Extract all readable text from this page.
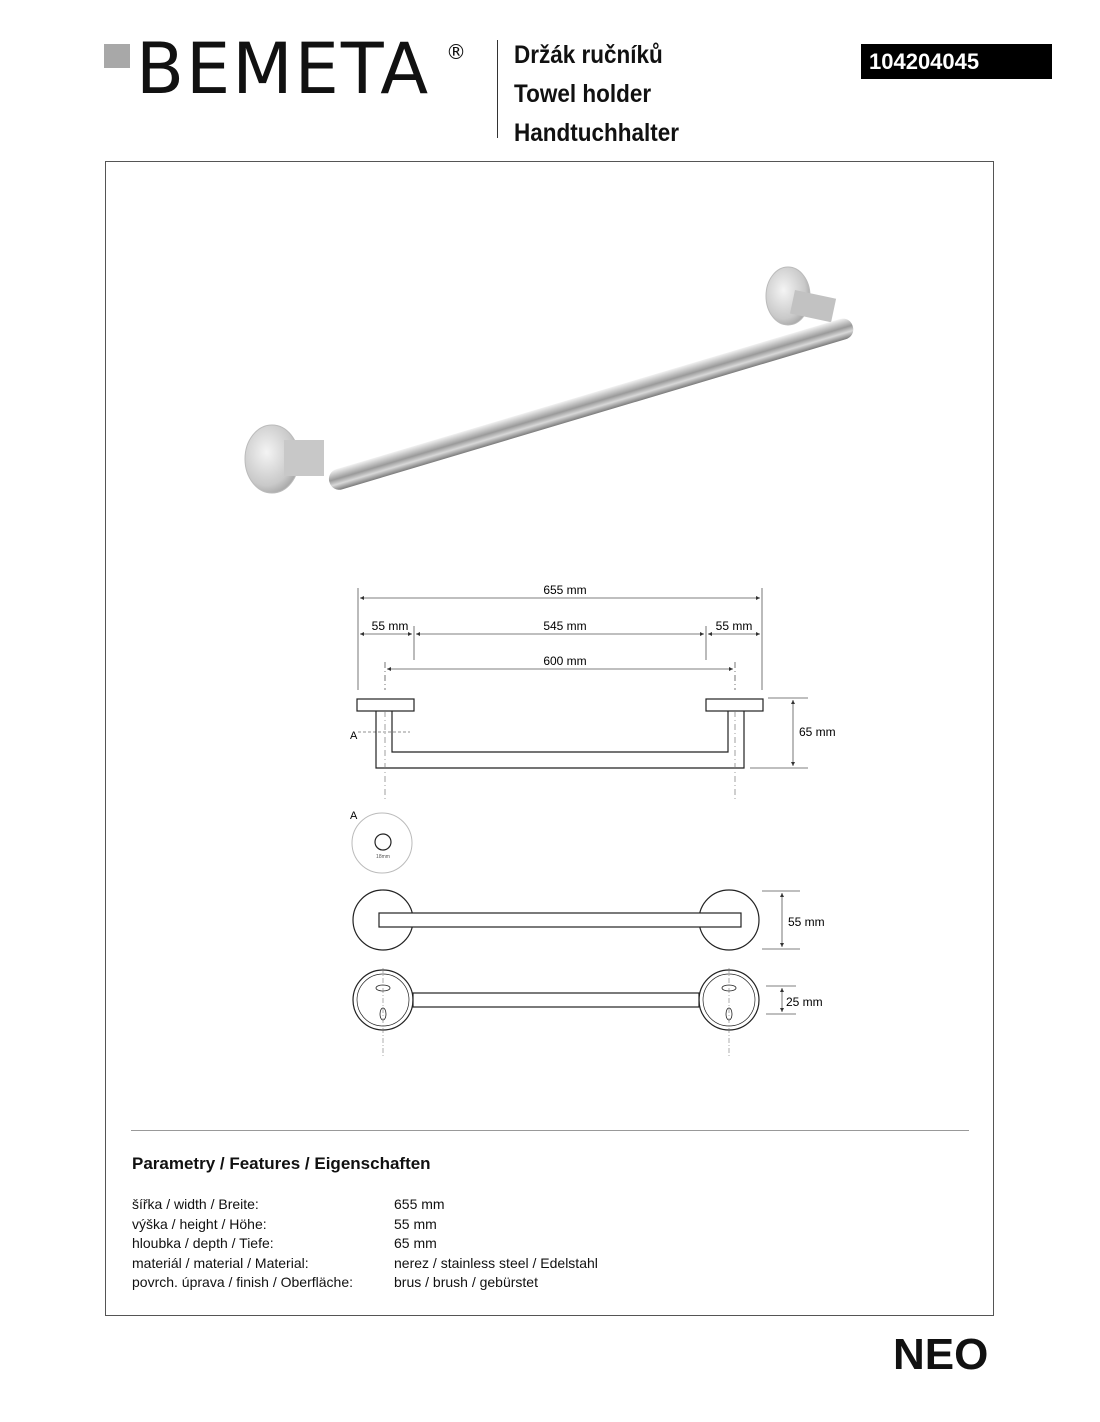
BEMETA ® Držák ručníků
Towel holder
Handtuchhalter
104204045
655 mm
55 mm	545 mm	55 mm
600 mm
65 mm
A
A
18mm
55 mm
25 mm
Parametry / Features / Eigenschaften
šířka / width / Breite:	655 mm
výška / height / Höhe:	55 mm
hloubka / depth / Tiefe:	65 mm
materiál / material / Material:	nerez / stainless steel / Edelstahl
povrch. úprava / finish / Oberfläche:	brus / brush / gebürstet
NEO
